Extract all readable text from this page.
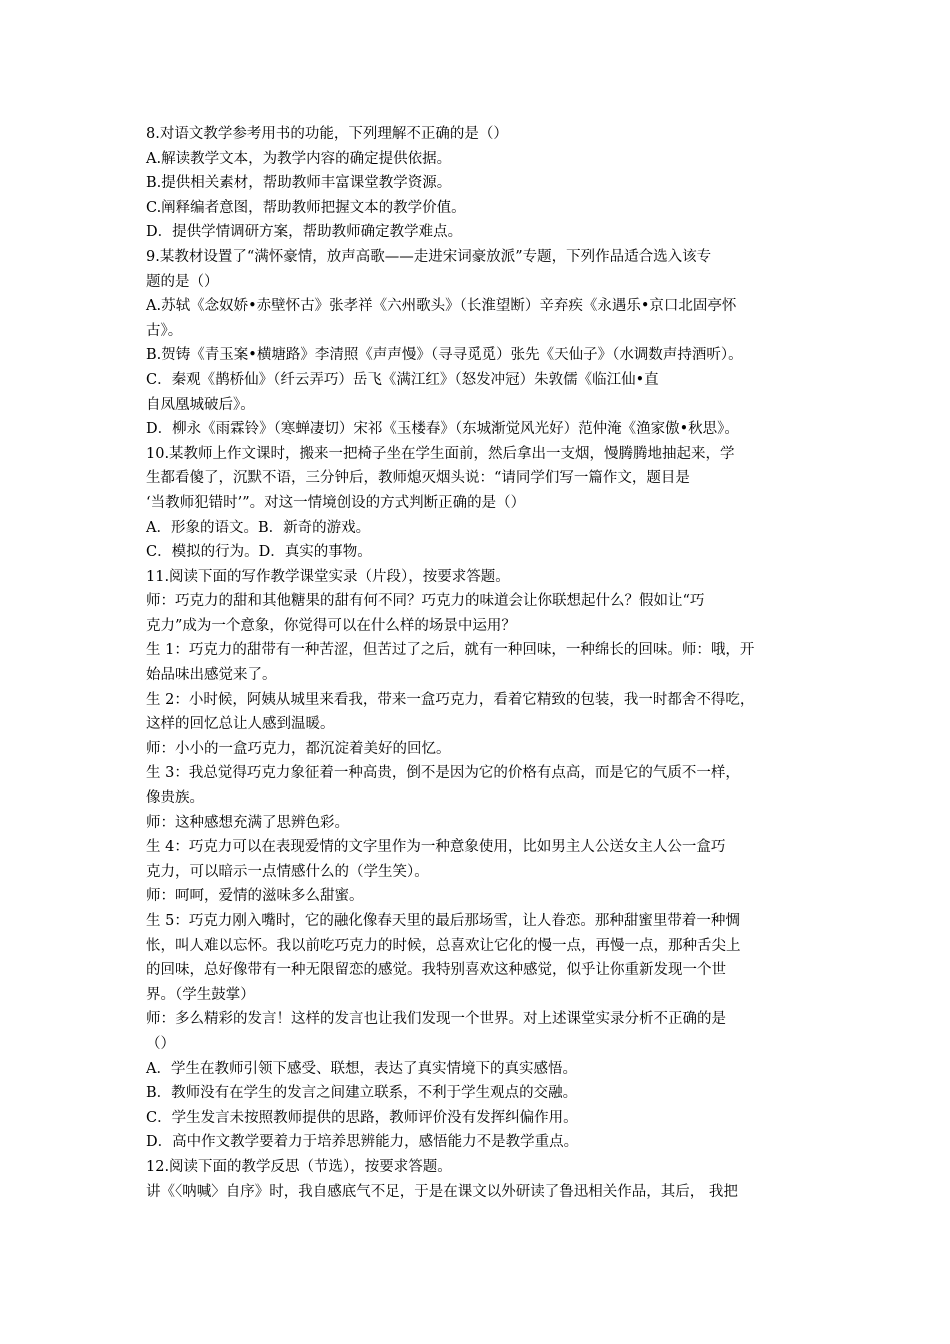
8.对语文教学参考用书的功能，下列理解不正确的是（）

A.解读教学文本，为教学内容的确定提供依据。

B.提供相关素材，帮助教师丰富课堂教学资源。

C.阐释编者意图，帮助教师把握文本的教学价值。

D．提供学情调研方案，帮助教师确定教学难点。

9.某教材设置了“满怀豪情，放声高歌——走进宋词豪放派”专题，下列作品适合选入该专

题的是（）

A.苏轼《念奴娇•赤壁怀古》张孝祥《六州歌头》（长淮望断）辛弃疾《永遇乐•京口北固亭怀

古》。

B.贺铸《青玉案•横塘路》李清照《声声慢》（寻寻觅觅）张先《天仙子》（水调数声持酒听）。

C．秦观《鹊桥仙》（纤云弄巧）岳飞《满江红》（怒发冲冠）朱敦儒《临江仙•直

自凤凰城破后》。

D．柳永《雨霖铃》（寒蝉凄切）宋祁《玉楼春》（东城渐觉风光好）范仲淹《渔家傲•秋思》。

10.某教师上作文课时，搬来一把椅子坐在学生面前，然后拿出一支烟，慢腾腾地抽起来，学

生都看傻了，沉默不语，三分钟后，教师熄灭烟头说：“请同学们写一篇作文，题目是

‘当教师犯错时’”。对这一情境创设的方式判断正确的是（）

A．形象的语文。B．新奇的游戏。

C．模拟的行为。D．真实的事物。

11.阅读下面的写作教学课堂实录（片段），按要求答题。

师：巧克力的甜和其他糖果的甜有何不同？巧克力的味道会让你联想起什么？假如让“巧

克力”成为一个意象，你觉得可以在什么样的场景中运用？

生 1：巧克力的甜带有一种苦涩，但苦过了之后，就有一种回味，一种绵长的回味。师：哦，开

始品味出感觉来了。

生 2：小时候，阿姨从城里来看我，带来一盒巧克力，看着它精致的包装，我一时都舍不得吃，

这样的回忆总让人感到温暖。

师：小小的一盒巧克力，都沉淀着美好的回忆。

生 3：我总觉得巧克力象征着一种高贵，倒不是因为它的价格有点高，而是它的气质不一样，

像贵族。

师：这种感想充满了思辨色彩。

生 4：巧克力可以在表现爱情的文字里作为一种意象使用，比如男主人公送女主人公一盒巧

克力，可以暗示一点情感什么的（学生笑）。

师：呵呵，爱情的滋味多么甜蜜。

生 5：巧克力刚入嘴时，它的融化像春天里的最后那场雪，让人眷恋。那种甜蜜里带着一种惆

怅，叫人难以忘怀。我以前吃巧克力的时候，总喜欢让它化的慢一点，再慢一点，那种舌尖上

的回味，总好像带有一种无限留恋的感觉。我特别喜欢这种感觉，似乎让你重新发现一个世

界。（学生鼓掌）

师：多么精彩的发言！这样的发言也让我们发现一个世界。对上述课堂实录分析不正确的是

（）

A．学生在教师引领下感受、联想，表达了真实情境下的真实感悟。

B．教师没有在学生的发言之间建立联系，不利于学生观点的交融。

C．学生发言未按照教师提供的思路，教师评价没有发挥纠偏作用。

D．高中作文教学要着力于培养思辨能力，感悟能力不是教学重点。

12.阅读下面的教学反思（节选），按要求答题。

讲《〈呐喊〉自序》时，我自感底气不足，于是在课文以外研读了鲁迅相关作品，其后， 我把
